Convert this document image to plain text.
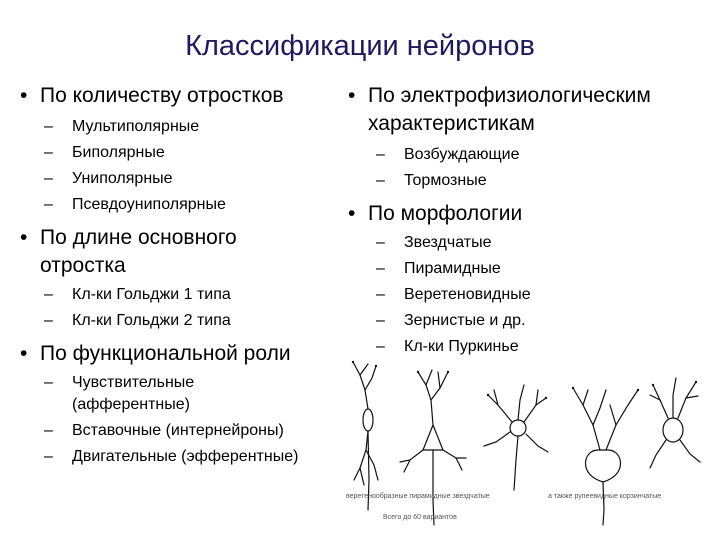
Классификации нейронов
• По количеству отростков
– Мультиполярные
– Биполярные
– Униполярные
– Псевдоуниполярные
• По длине основного
отростка
– Кл-ки Гольджи 1 типа
– Кл-ки Гольджи 2 типа
• По функциональной роли
– Чувствительные
(афферентные)
– Вставочные (интернейроны)
– Двигательные (эфферентные)
• По электрофизиологическим
характеристикам
– Возбуждающие
– Тормозные
• По морфологии
– Звездчатые
– Пирамидные
– Веретеновидные
– Зернистые и др.
– Кл-ки Пуркинье
веретенообразные пирамидные звездчатые	а также рупеевидные корзинчатые
Всего до 60 вариантов
